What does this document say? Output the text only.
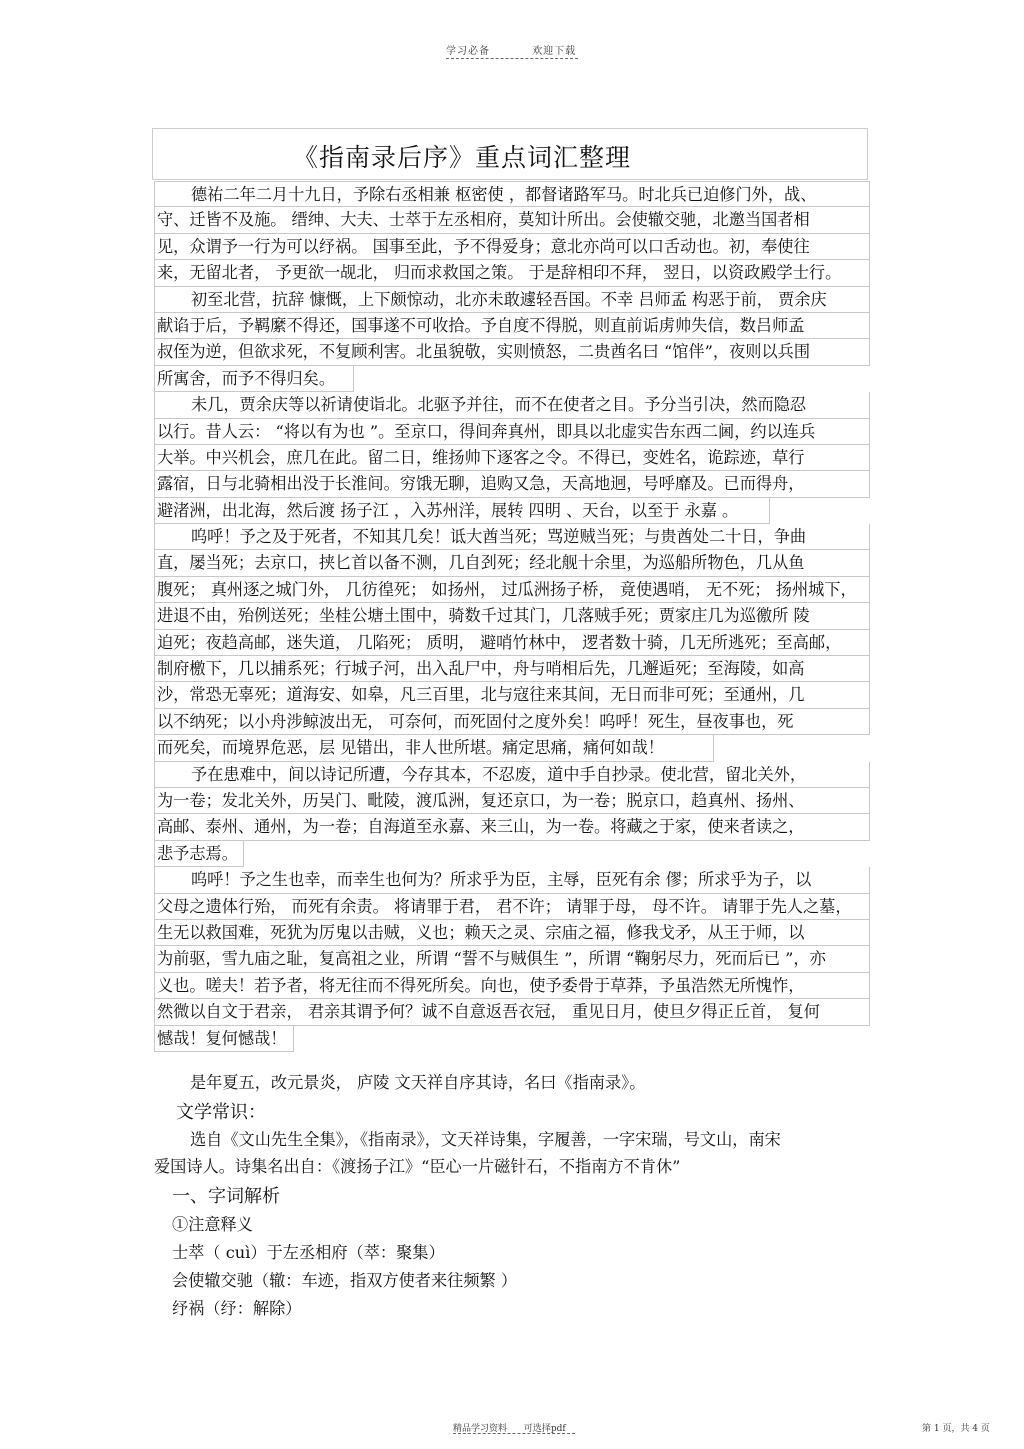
学习必备	欢迎下载
《指南录后序》重点词汇整理
德祐二年二月十九日，予除右丞相兼 枢密使 ，都督诸路军马。时北兵已迫修门外，战、
守、迁皆不及施。 缙绅、大夫、士萃于左丞相府，莫知计所出。会使辙交驰，北邀当国者相
见，众谓予一行为可以纾祸。 国事至此，予不得爱身；意北亦尚可以口舌动也。初，奉使往
来，无留北者， 予更欲一觇北， 归而求救国之策。 于是辞相印不拜， 翌日，以资政殿学士行。
初至北营，抗辞 慷慨，上下颇惊动，北亦未敢遽轻吾国。不幸 吕师孟 构恶于前， 贾余庆
献谄于后，予羁縻不得还，国事遂不可收拾。予自度不得脱，则直前诟虏帅失信，数吕师孟
叔侄为逆，但欲求死，不复顾利害。北虽貌敬，实则愤怒，二贵酋名曰 “馆伴”，夜则以兵围
所寓舍，而予不得归矣。
未几，贾余庆等以祈请使诣北。北驱予并往，而不在使者之目。予分当引决，然而隐忍
以行。昔人云： “将以有为也 ”。至京口，得间奔真州，即具以北虚实告东西二阃，约以连兵
大举。中兴机会，庶几在此。留二日，维扬帅下逐客之令。不得已，变姓名，诡踪迹，草行
露宿，日与北骑相出没于长淮间。穷饿无聊，追购又急，天高地迥，号呼靡及。已而得舟，
避渚洲，出北海，然后渡 扬子江 ，入苏州洋，展转 四明 、天台，以至于 永嘉 。
呜呼！予之及于死者，不知其几矣！诋大酋当死；骂逆贼当死；与贵酋处二十日，争曲
直，屡当死；去京口，挟匕首以备不测，几自刭死；经北舰十余里，为巡船所物色，几从鱼
腹死； 真州逐之城门外， 几彷徨死； 如扬州， 过瓜洲扬子桥， 竟使遇哨， 无不死； 扬州城下，
进退不由，殆例送死；坐桂公塘土围中，骑数千过其门，几落贼手死；贾家庄几为巡徼所 陵
迫死；夜趋高邮，迷失道， 几陷死； 质明， 避哨竹林中， 逻者数十骑，几无所逃死；至高邮，
制府檄下，几以捕系死；行城子河，出入乱尸中，舟与哨相后先，几邂逅死；至海陵，如高
沙，常恐无辜死；道海安、如皋，凡三百里，北与寇往来其间，无日而非可死；至通州，几
以不纳死；以小舟涉鲸波出无， 可奈何，而死固付之度外矣！呜呼！死生，昼夜事也，死
而死矣，而境界危恶，层 见错出，非人世所堪。痛定思痛，痛何如哉！
予在患难中，间以诗记所遭，今存其本，不忍废，道中手自抄录。使北营，留北关外，
为一卷；发北关外，历吴门、毗陵，渡瓜洲，复还京口，为一卷；脱京口，趋真州、扬州、
高邮、泰州、通州，为一卷；自海道至永嘉、来三山，为一卷。将藏之于家，使来者读之，
悲予志焉。
呜呼！予之生也幸，而幸生也何为？所求乎为臣，主辱，臣死有余 僇；所求乎为子，以
父母之遗体行殆， 而死有余责。 将请罪于君， 君不许； 请罪于母， 母不许。 请罪于先人之墓，
生无以救国难，死犹为厉鬼以击贼，义也；赖天之灵、宗庙之福，修我戈矛，从王于师，以
为前驱，雪九庙之耻，复高祖之业，所谓 “誓不与贼俱生 ”，所谓 “鞠躬尽力，死而后已 ”，亦
义也。嗟夫！若予者，将无往而不得死所矣。向也，使予委骨于草莽，予虽浩然无所愧怍，
然微以自文于君亲， 君亲其谓予何？诚不自意返吾衣冠， 重见日月，使旦夕得正丘首， 复何
憾哉！复何憾哉！
是年夏五，改元景炎， 庐陵 文天祥自序其诗，名曰《指南录》。
文学常识：
选自《文山先生全集》，《指南录》，文天祥诗集，字履善，一字宋瑞，号文山，南宋
爱国诗人。诗集名出自：《渡扬子江》“臣心一片磁针石，不指南方不肯休”
一、字词解析
①注意释义
士萃（ cuì）于左丞相府（萃：聚集）
会使辙交驰（辙：车迹，指双方使者来往频繁 ）
纾祸（纾：解除）
精品学习资料 可选择pdf	第 1 页，共 4 页
